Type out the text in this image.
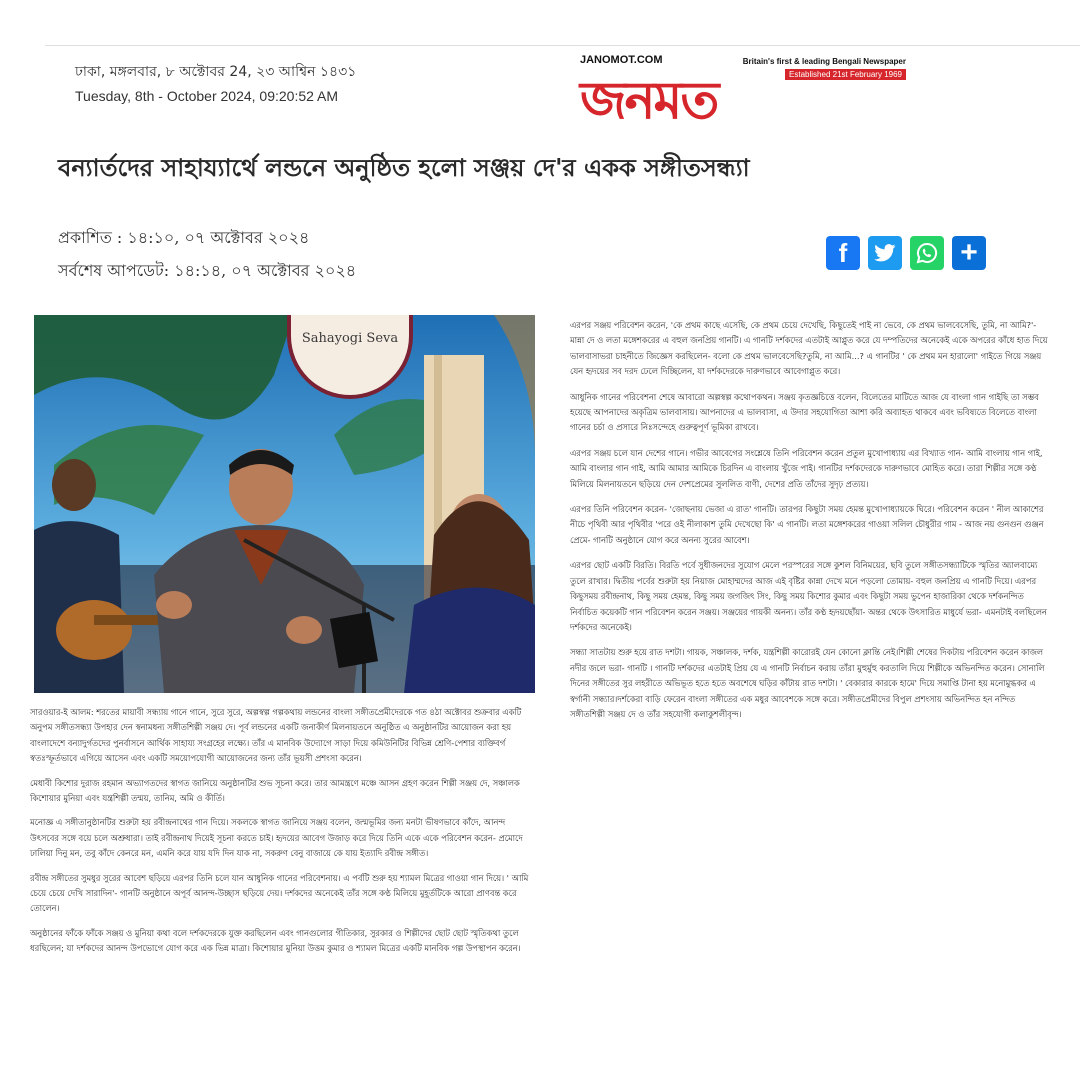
ঢাকা, মঙ্গলবার, ৮ অক্টোবর 24, ২৩ আশ্বিন ১৪৩১
Tuesday, 8th - October 2024, 09:20:52 AM
JANOMOT.COM	Britain's first & leading Bengali Newspaper
Established 21st February 1969
জনমত
বন্যার্তদের সাহায্যার্থে লন্ডনে অনুষ্ঠিত হলো সঞ্জয় দে'র একক সঙ্গীতসন্ধ্যা
প্রকাশিত : ১৪:১০, ০৭ অক্টোবর ২০২৪
সর্বশেষ আপডেট: ১৪:১৪, ০৭ অক্টোবর ২০২৪
f	+
Sahayogi Seva

সারওয়ার-ই আলম: শরতের মায়াবী সন্ধ্যায় গানে গানে, সুরে সুরে, অল্পস্বল্প গল্পকথায় লন্ডনের বাংলা সঙ্গীতপ্রেমীদেরকে গত ৪ঠা অক্টোবর শুক্রবার একটি অনুপম সঙ্গীতসন্ধ্যা উপহার দেন স্বনামধন্য সঙ্গীতশিল্পী সঞ্জয় দে। পূর্ব লন্ডনের একটি জনাকীর্ণ মিলনায়তনে অনুষ্ঠিত এ অনুষ্ঠানটির আয়োজন করা হয় বাংলাদেশে বন্যাদুর্গতদের পুনর্বাসনে আর্থিক সাহায্য সংগ্রহের লক্ষ্যে। তাঁর এ মানবিক উদ্যোগে সাড়া দিয়ে কমিউনিটির বিভিন্ন শ্রেণি-পেশার ব্যক্তিবর্গ স্বতঃস্ফূর্তভাবে এগিয়ে আসেন এবং একটি সময়োপযোগী আয়োজনের জন্য তাঁর ভূয়সী প্রশংসা করেন।

মেধাবী কিশোর দুরাজ রহমান অভ্যাগতদের স্বাগত জানিয়ে অনুষ্ঠানটির শুভ সূচনা করে। তার আমন্ত্রণে মঞ্চে আসন গ্রহণ করেন শিল্পী সঞ্জয় দে, সঞ্চালক কিশোয়ার মুনিয়া এবং যন্ত্রশিল্পী তন্ময়, তানিম, অমি ও কীর্তি।

মনোজ্ঞ এ সঙ্গীতানুষ্ঠানটির শুরুটা হয় রবীন্দ্রনাথের গান দিয়ে। সকলকে স্বাগত জানিয়ে সঞ্জয় বলেন, জন্মভূমির জন্য মনটা ভীষণভাবে কাঁদে, আনন্দ উৎসবের সঙ্গে বয়ে চলে অশ্রুধারা। তাই রবীন্দ্রনাথ দিয়েই সূচনা করতে চাই। হৃদয়ের আবেগ উজাড় করে দিয়ে তিনি একে একে পরিবেশন করেন- প্রমোদে ঢালিয়া দিনু মন, তবু কাঁদে কেনরে মন, এমনি করে যায় যদি দিন যাক না, সকরুণ বেনু বাজায়ে কে যায় ইত্যাদি রবীন্দ্র সঙ্গীত।

রবীন্দ্র সঙ্গীতের সুমধুর সুরের আবেশ ছড়িয়ে এরপর তিনি চলে যান আধুনিক গানের পরিবেশনায়। এ পর্বটি শুরু হয় শ্যামল মিত্রের গাওয়া গান দিয়ে। ' আমি চেয়ে চেয়ে দেখি সারাদিন'- গানটি অনুষ্ঠানে অপূর্ব আনন্দ-উচ্ছাস ছড়িয়ে দেয়। দর্শকদের অনেকেই তাঁর সঙ্গে কণ্ঠ মিলিয়ে মুহূর্তটিকে আরো প্রাণবন্ত করে তোলেন।

অনুষ্ঠানের ফাঁকে ফাঁকে সঞ্জয় ও মুনিয়া কথা বলে দর্শকদেরকে যুক্ত করছিলেন এবং গানগুলোর গীতিকার, সুরকার ও শিল্পীদের ছোট ছোট স্মৃতিকথা তুলে ধরছিলেন; যা দর্শকদের আনন্দ উপভোগে যোগ করে এক ভিন্ন মাত্রা। কিশোয়ার মুনিয়া উত্তম কুমার ও শ্যামল মিত্রের একটি মানবিক গল্প উপস্থাপন করেন।

এরপর সঞ্জয় পরিবেশন করেন, 'কে প্রথম কাছে এসেছি, কে প্রথম চেয়ে দেখেছি, কিছুতেই পাই না ভেবে, কে প্রথম ভালবেসেছি, তুমি, না আমি?'- মান্না দে ও লতা মঙ্গেশকরের এ বহুল জনপ্রিয় গানটি। এ গানটি দর্শকদের এতটাই আপ্লুত করে যে দম্পতিদের অনেকেই একে অপরের কাঁধে হাত দিয়ে ভালবাসাভরা চাহনীতে জিজ্ঞেস করছিলেন- বলো কে প্রথম ভালবেসেছি?তুমি, না আমি...? এ গানটির ' কে প্রথম মন হারালো' গাইতে গিয়ে সঞ্জয় যেন হৃদয়ের সব দরদ ঢেলে দিচ্ছিলেন, যা দর্শকদেরকে দারুণভাবে আবেগাপ্লুত করে।

আধুনিক গানের পরিবেশনা শেষে আবারো অল্পস্বল্প কথোপকথন। সঞ্জয় কৃতজ্ঞচিত্তে বলেন, বিলেতের মাটিতে আজ যে বাংলা গান গাইছি তা সম্ভব হয়েছে আপনাদের অকৃত্রিম ভালবাসায়। আপনাদের এ ভালবাসা, এ উদার সহযোগিতা আশা করি অব্যাহত থাকবে এবং ভবিষ্যতে বিলেতে বাংলা গানের চর্চা ও প্রসারে নিঃসন্দেহে গুরুত্বপূর্ণ ভূমিকা রাখবে।

এরপর সঞ্জয় চলে যান দেশের গানে। গভীর আবেগের সংশ্লেষে তিনি পরিবেশন করেন প্রতুল মুখোপাধ্যায় এর বিখ্যাত গান- আমি বাংলায় গান গাই, আমি বাংলার গান গাই, আমি আমার আমিকে চিরদিন এ বাংলায় খুঁজে পাই। গানটির দর্শকদেরকে দারুণভাবে মোহিত করে। তারা শিল্পীর সঙ্গে কণ্ঠ মিলিয়ে মিলনায়তনে ছড়িয়ে দেন দেশপ্রেমের সুললিত বাণী, দেশের প্রতি তাঁদের সুদৃঢ় প্রত্যয়।

এরপর তিনি পরিবেশন করেন- 'জোছনায় ভেজা এ রাত' গানটি। তারপর কিছুটা সময় হেমন্ত মুখোপাধ্যায়কে ঘিরে। পরিবেশন করেন ' নীল আকাশের নীচে পৃথিবী আর পৃথিবীর 'পরে ওই নীলাকাশ তুমি দেখেছো কি' এ গানটি। লতা মঙ্গেশকরের গাওয়া সলিল চৌধুরীর গাম - আজ নয় গুনগুন গুঞ্জন প্রেমে- গানটি অনুষ্ঠানে যোগ করে অনন্য সুরের আবেশ।

এরপর ছোট একটি বিরতি। বিরতি পর্বে সুধীজনদের সুযোগ মেলে পরস্পরের সঙ্গে কুশল বিনিময়ের, ছবি তুলে সঙ্গীতসন্ধ্যাটিকে স্মৃতির অ্যালবাম্যে তুলে রাখার। দ্বিতীয় পর্বের শুরুটা হয় নিয়াজ মোহাম্মদের আজ এই বৃষ্টির কান্না দেখে মনে পড়লো তোমায়- বহুল জনপ্রিয় এ গানটি দিয়ে। এরপর কিছুসময় রবীন্দ্রনাথ, কিছু সময় হেমন্ত, কিছু সময় জগজিৎ সিং, কিছু সময় কিশোর কুমার এবং কিছুটা সময় ভুপেন হাজারিকা থেকে দর্শকনন্দিত নির্বাচিত কয়েকটি গান পরিবেশন করেন সঞ্জয়। সঞ্জয়ের গায়কী অনন্য। তাঁর কণ্ঠ হৃদয়ছোঁয়া- অন্তর থেকে উৎসারিত মাধুর্যে ভরা- এমনটাই বলছিলেন দর্শকদের অনেকেই।

সন্ধ্যা সাতটায় শুরু হয়ে রাত দশটা। গায়ক, সঞ্চালক, দর্শক, যন্ত্রশিল্পী কারোরই যেন কোনো ক্লান্তি নেই।শিল্পী শেষের দিকটায় পরিবেশন করেন কাজল নদীর জলে ভরা- গানটি । গানটি দর্শকদের এতটাই প্রিয় যে এ গানটি নির্বাচন করায় তাঁরা মুহুর্মুহু করতালি দিয়ে শিল্পীকে অভিনন্দিত করেন। সোনালি দিনের সঙ্গীতের সুর লহরীতে অভিভূত হতে হতে অবশেষে ঘড়ির কাঁটায় রাত দশটা। ' বেকারার কারকে হামে' দিয়ে সমাপ্তি টানা হয় মনোমুগ্ধকর এ স্বর্গানী সন্ধ্যার।দর্শকেরা বাড়ি ফেরেন বাংলা সঙ্গীতের এক মধুর আবেশকে সঙ্গে করে। সঙ্গীতপ্রেমীদের বিপুল প্রশংসায় অভিনন্দিত হন নন্দিত সঙ্গীতশিল্পী সঞ্জয় দে ও তাঁর সহযোগী কলাকুশলীবৃন্দ।
